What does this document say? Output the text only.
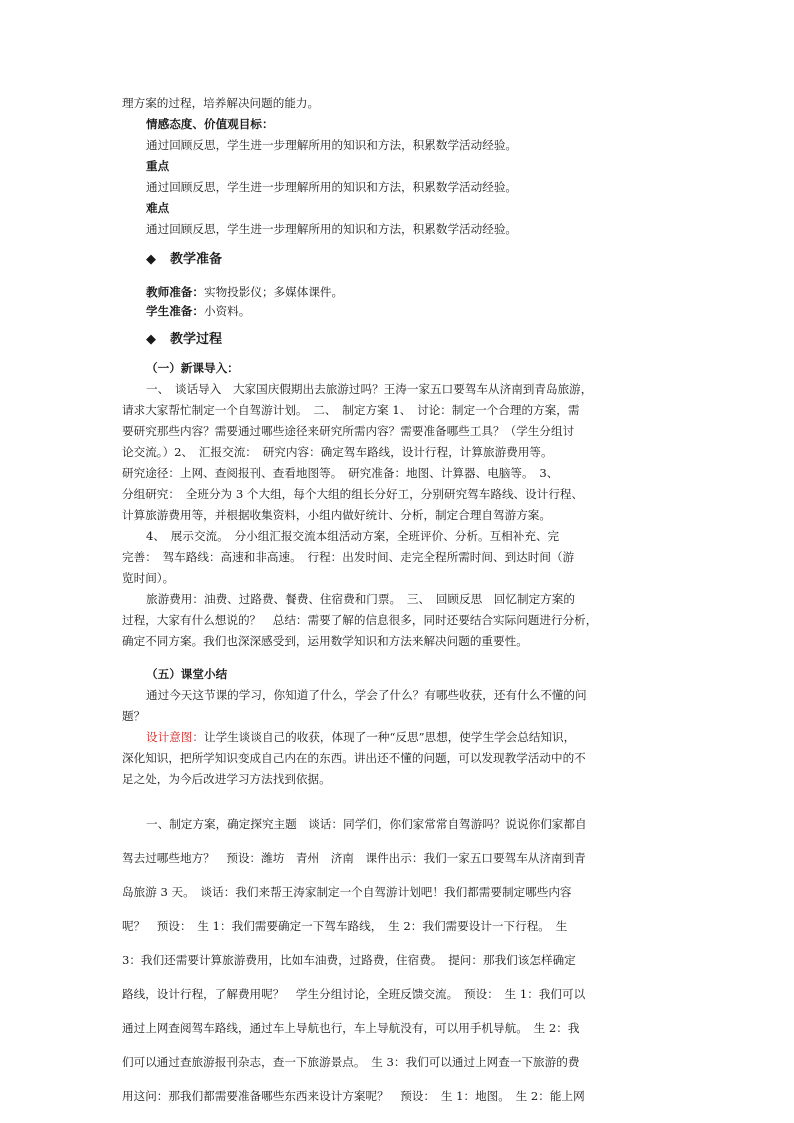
理方案的过程，培养解决问题的能力。

情感态度、价值观目标：

通过回顾反思，学生进一步理解所用的知识和方法，积累数学活动经验。

重点

通过回顾反思，学生进一步理解所用的知识和方法，积累数学活动经验。

难点

通过回顾反思，学生进一步理解所用的知识和方法，积累数学活动经验。

◆ 教学准备

教师准备：实物投影仪；多媒体课件。

学生准备：小资料。

◆ 教学过程

（一）新课导入：

一、　谈话导入　大家国庆假期出去旅游过吗？王涛一家五口要驾车从济南到青岛旅游，

请求大家帮忙制定一个自驾游计划。　二、　制定方案 1、　讨论：制定一个合理的方案，需

要研究那些内容？需要通过哪些途径来研究所需内容？需要准备哪些工具？（学生分组讨

论交流。）2、　汇报交流：　研究内容：确定驾车路线，设计行程，计算旅游费用等。

研究途径：上网、查阅报刊、查看地图等。　研究准备：地图、计算器、电脑等。　3、

分组研究：　全班分为 3 个大组，每个大组的组长分好工，分别研究驾车路线、设计行程、

计算旅游费用等，并根据收集资料，小组内做好统计、分析，制定合理自驾游方案。

4、　展示交流。　分小组汇报交流本组活动方案，全班评价、分析。互相补充、完

完善：　驾车路线：高速和非高速。　行程：出发时间、走完全程所需时间、到达时间（游

览时间）。

旅游费用：油费、过路费、餐费、住宿费和门票。　三、　回顾反思　回忆制定方案的

过程，大家有什么想说的？　总结：需要了解的信息很多，同时还要结合实际问题进行分析，

确定不同方案。我们也深深感受到，运用数学知识和方法来解决问题的重要性。

（五）课堂小结

通过今天这节课的学习，你知道了什么，学会了什么？有哪些收获，还有什么不懂的问

题？

设计意图：让学生谈谈自己的收获，体现了一种“反思”思想，使学生学会总结知识，

深化知识，把所学知识变成自己内在的东西。讲出还不懂的问题，可以发现教学活动中的不

足之处，为今后改进学习方法找到依据。

一、制定方案，确定探究主题　谈话：同学们，你们家常常自驾游吗？说说你们家都自

驾去过哪些地方？　预设：潍坊　青州　济南　课件出示：我们一家五口要驾车从济南到青

岛旅游 3 天。　谈话：我们来帮王涛家制定一个自驾游计划吧！我们都需要制定哪些内容

呢？　预设：　生 1：我们需要确定一下驾车路线，　生 2：我们需要设计一下行程。　生

3：我们还需要计算旅游费用，比如车油费，过路费，住宿费。　提问：那我们该怎样确定

路线，设计行程，了解费用呢？　学生分组讨论，全班反馈交流。　预设：　生 1：我们可以

通过上网查阅驾车路线，通过车上导航也行，车上导航没有，可以用手机导航。　生 2：我

们可以通过查旅游报刊杂志，查一下旅游景点。　生 3：我们可以通过上网查一下旅游的费

用这问：那我们都需要准备哪些东西来设计方案呢？　预设：　生 1：地图。　生 2：能上网
